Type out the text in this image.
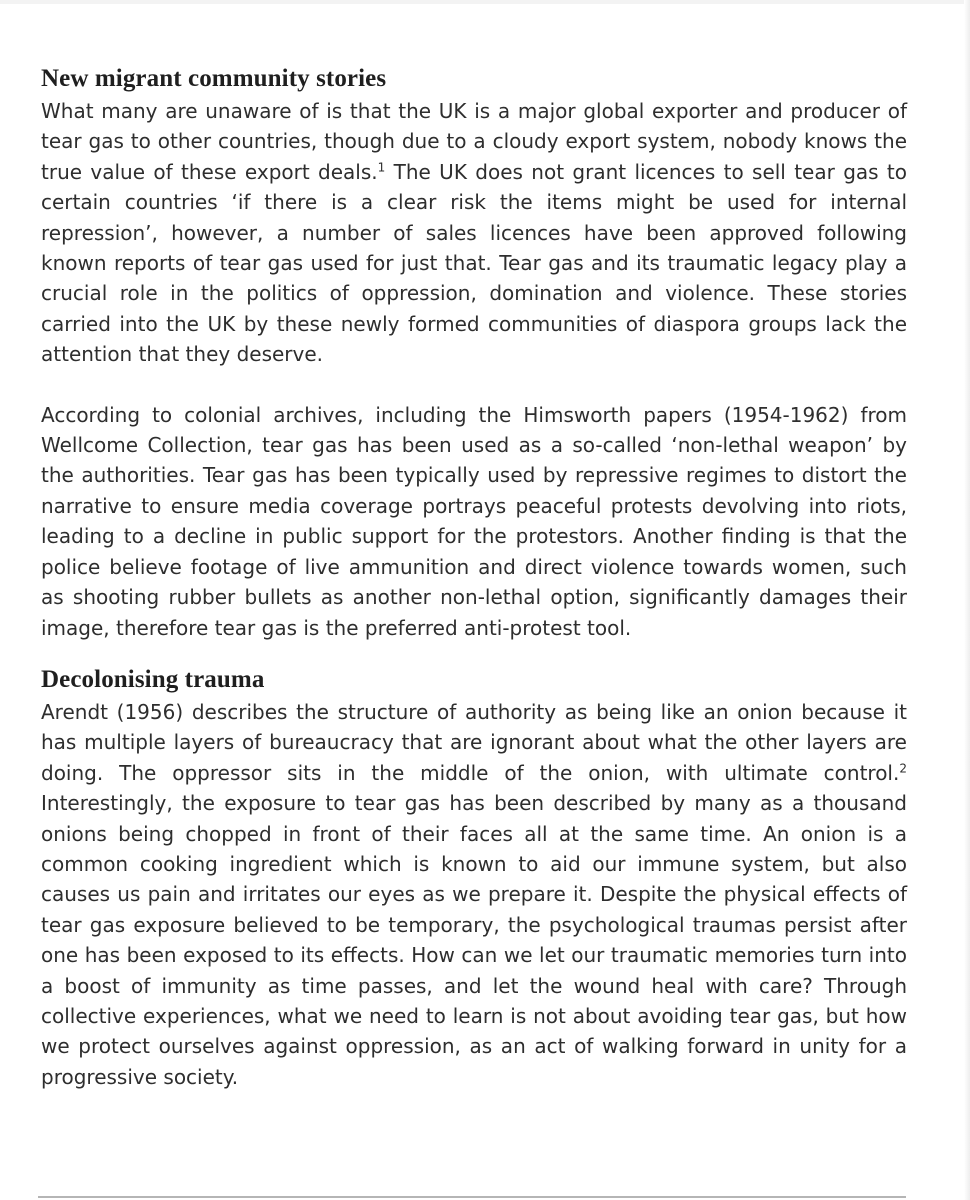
New migrant community stories

What many are unaware of is that the UK is a major global exporter and producer of tear gas to other countries, though due to a cloudy export system, nobody knows the true value of these export deals.$^1$ The UK does not grant licences to sell tear gas to certain countries ‘if there is a clear risk the items might be used for internal repression’, however, a number of sales licences have been approved following known reports of tear gas used for just that. Tear gas and its traumatic legacy play a crucial role in the politics of oppression, domination and violence. These stories carried into the UK by these newly formed communities of diaspora groups lack the attention that they deserve.

According to colonial archives, including the Himsworth papers (1954-1962) from Wellcome Collection, tear gas has been used as a so-called ‘non-lethal weapon’ by the authorities. Tear gas has been typically used by repressive regimes to distort the narrative to ensure media coverage portrays peaceful protests devolving into riots, leading to a decline in public support for the protestors. Another finding is that the police believe footage of live ammunition and direct violence towards women, such as shooting rubber bullets as another non-lethal option, significantly damages their image, therefore tear gas is the preferred anti-protest tool.

Decolonising trauma

Arendt (1956) describes the structure of authority as being like an onion because it has multiple layers of bureaucracy that are ignorant about what the other layers are doing. The oppressor sits in the middle of the onion, with ultimate control.$^2$ Interestingly, the exposure to tear gas has been described by many as a thousand onions being chopped in front of their faces all at the same time. An onion is a common cooking ingredient which is known to aid our immune system, but also causes us pain and irritates our eyes as we prepare it. Despite the physical effects of tear gas exposure believed to be temporary, the psychological traumas persist after one has been exposed to its effects. How can we let our traumatic memories turn into a boost of immunity as time passes, and let the wound heal with care? Through collective experiences, what we need to learn is not about avoiding tear gas, but how we protect ourselves against oppression, as an act of walking forward in unity for a progressive society.
